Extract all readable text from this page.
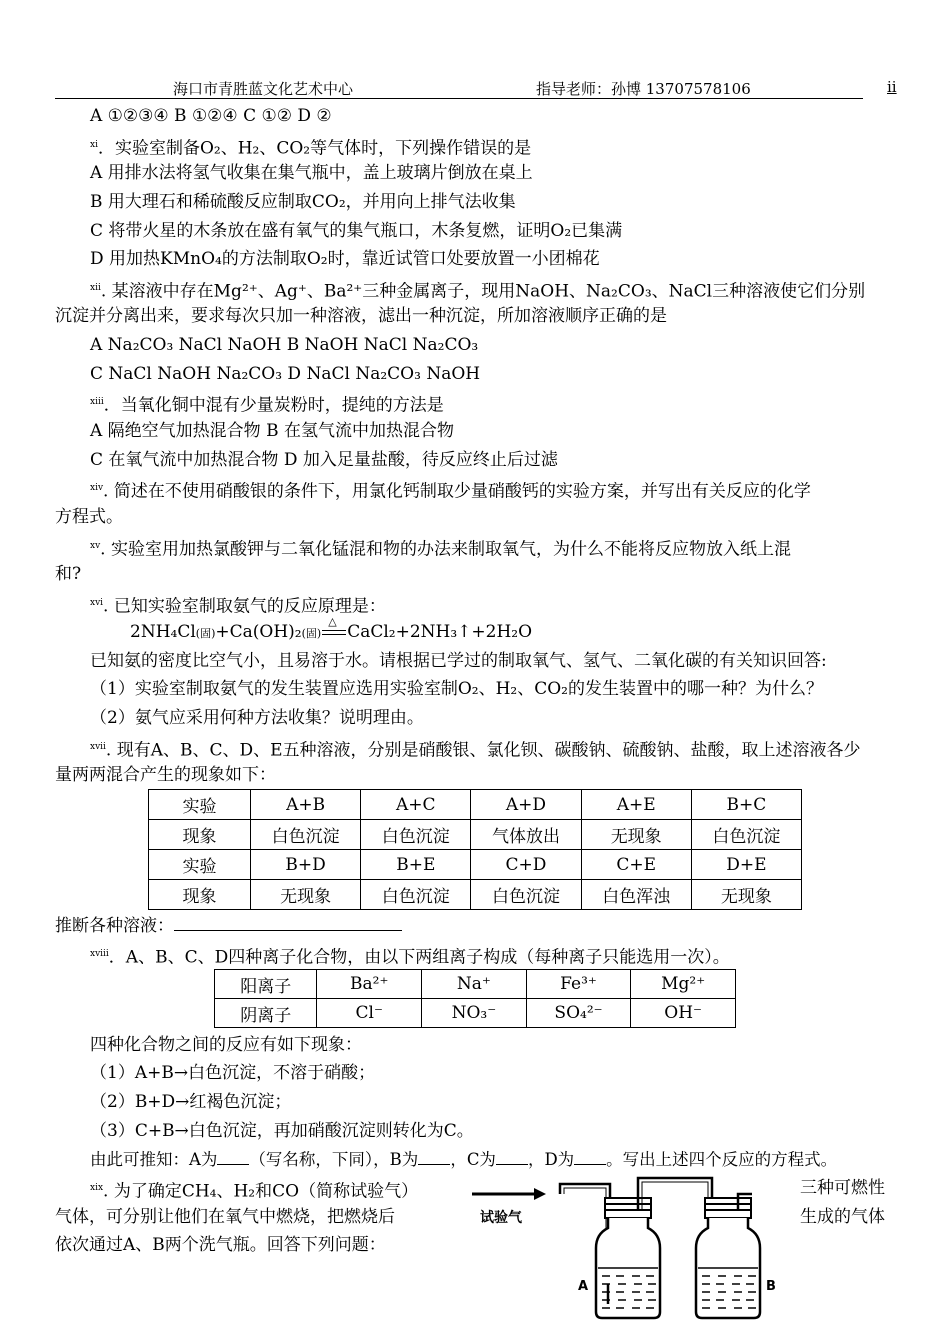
海口市青胜蓝文化艺术中心	指导老师：孙博 13707578106	ii
A ①②③④ B ①②④ C ①② D ②
$^{xi}$．实验室制备O₂、H₂、CO₂等气体时，下列操作错误的是
A 用排水法将氢气收集在集气瓶中，盖上玻璃片倒放在桌上
B 用大理石和稀硫酸反应制取CO₂，并用向上排气法收集
C 将带火星的木条放在盛有氧气的集气瓶口，木条复燃，证明O₂已集满
D 用加热KMnO₄的方法制取O₂时，靠近试管口处要放置一小团棉花
$^{xii}$. 某溶液中存在Mg²⁺、Ag⁺、Ba²⁺三种金属离子，现用NaOH、Na₂CO₃、NaCl三种溶液使它们分别
沉淀并分离出来，要求每次只加一种溶液，滤出一种沉淀，所加溶液顺序正确的是
A Na₂CO₃ NaCl NaOH B NaOH NaCl Na₂CO₃
C NaCl NaOH Na₂CO₃ D NaCl Na₂CO₃ NaOH
$^{xiii}$．当氧化铜中混有少量炭粉时，提纯的方法是
A 隔绝空气加热混合物 B 在氢气流中加热混合物
C 在氧气流中加热混合物 D 加入足量盐酸，待反应终止后过滤
$^{xiv}$. 简述在不使用硝酸银的条件下，用氯化钙制取少量硝酸钙的实验方案，并写出有关反应的化学
方程式。
$^{xv}$. 实验室用加热氯酸钾与二氧化锰混和物的办法来制取氧气，为什么不能将反应物放入纸上混
和?
$^{xvi}$. 已知实验室制取氨气的反应原理是：
2NH₄Cl(固)+Ca(OH)₂(固)
△
CaCl₂+2NH₃↑+2H₂O
已知氨的密度比空气小，且易溶于水。请根据已学过的制取氧气、氢气、二氧化碳的有关知识回答:
（1）实验室制取氨气的发生装置应选用实验室制O₂、H₂、CO₂的发生装置中的哪一种？为什么？
（2）氨气应采用何种方法收集？说明理由。
$^{xvii}$. 现有A、B、C、D、E五种溶液，分别是硝酸银、氯化钡、碳酸钠、硫酸钠、盐酸，取上述溶液各少
量两两混合产生的现象如下：
实验	A+B	A+C	A+D	A+E	B+C
现象	白色沉淀	白色沉淀	气体放出	无现象	白色沉淀
实验	B+D	B+E	C+D	C+E	D+E
现象	无现象	白色沉淀	白色沉淀	白色浑浊	无现象
推断各种溶液：
$^{xviii}$．A、B、C、D四种离子化合物，由以下两组离子构成（每种离子只能选用一次）。
阳离子	Ba²⁺	Na⁺	Fe³⁺	Mg²⁺
阴离子	Cl⁻	NO₃⁻	SO₄²⁻	OH⁻
四种化合物之间的反应有如下现象：
（1）A+B→白色沉淀，不溶于硝酸；
（2）B+D→红褐色沉淀；
（3）C+B→白色沉淀，再加硝酸沉淀则转化为C。
由此可推知：A为 （写名称，下同），B为 ，C为 ，D为 。写出上述四个反应的方程式。
$^{xix}$. 为了确定CH₄、H₂和CO（简称试验气）	三种可燃性
气体，可分别让他们在氧气中燃烧，把燃烧后	生成的气体
依次通过A、B两个洗气瓶。回答下列问题：
试验气
A	B
